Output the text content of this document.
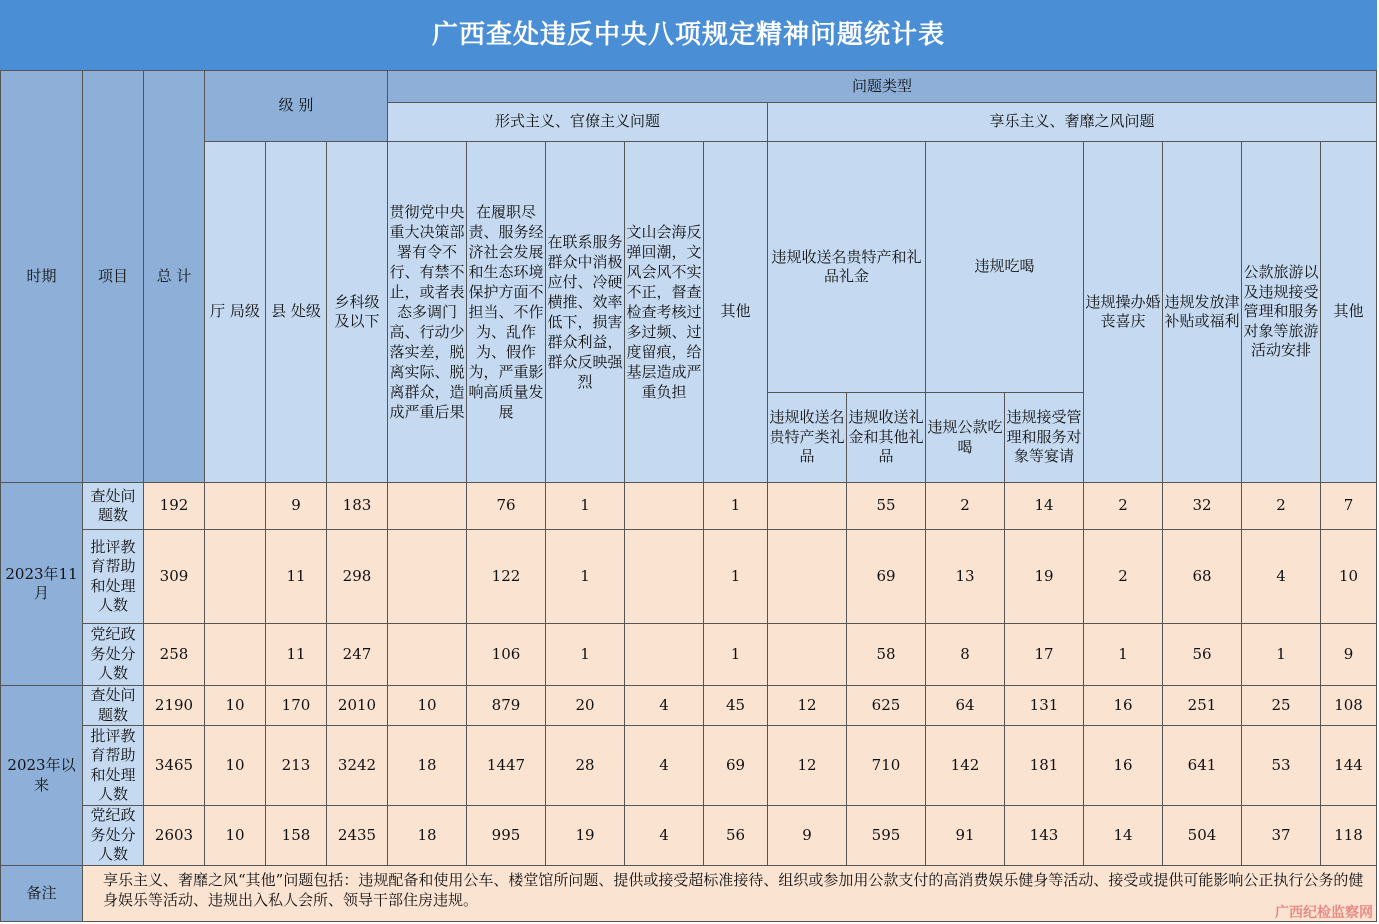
广西查处违反中央八项规定精神问题统计表
时期	项目	总 计	级 别			问题类型												
						形式主义、官僚主义问题					享乐主义、奢靡之风问题							
			厅 局级	县 处级	乡科级及以下	贯彻党中央重大决策部署有令不行、有禁不止，或者表态多调门高、行动少落实差，脱离实际、脱离群众，造成严重后果	在履职尽责、服务经济社会发展和生态环境保护方面不担当、不作为、乱作为、假作为，严重影响高质量发展	在联系服务群众中消极应付、冷硬横推、效率低下，损害群众利益，群众反映强烈	文山会海反弹回潮，文风会风不实不正，督查检查考核过多过频、过度留痕，给基层造成严重负担	其他	违规收送名贵特产和礼品礼金		违规吃喝		违规操办婚丧喜庆	违规发放津补贴或福利	公款旅游以及违规接受管理和服务对象等旅游活动安排	其他
											违规收送名贵特产类礼品	违规收送礼金和其他礼品	违规公款吃喝	违规接受管理和服务对象等宴请				
2023年11月	查处问题数	192		9	183		76	1		1		55	2	14	2	32	2	7
	批评教育帮助和处理人数	309		11	298		122	1		1		69	13	19	2	68	4	10
	党纪政务处分人数	258		11	247		106	1		1		58	8	17	1	56	1	9
2023年以来	查处问题数	2190	10	170	2010	10	879	20	4	45	12	625	64	131	16	251	25	108
	批评教育帮助和处理人数	3465	10	213	3242	18	1447	28	4	69	12	710	142	181	16	641	53	144
	党纪政务处分人数	2603	10	158	2435	18	995	19	4	56	9	595	91	143	14	504	37	118
备注	享乐主义、奢靡之风“其他”问题包括：违规配备和使用公车、楼堂馆所问题、提供或接受超标准接待、组织或参加用公款支付的高消费娱乐健身等活动、接受或提供可能影响公正执行公务的健身娱乐等活动、违规出入私人会所、领导干部住房违规。																	
广西纪检监察网
